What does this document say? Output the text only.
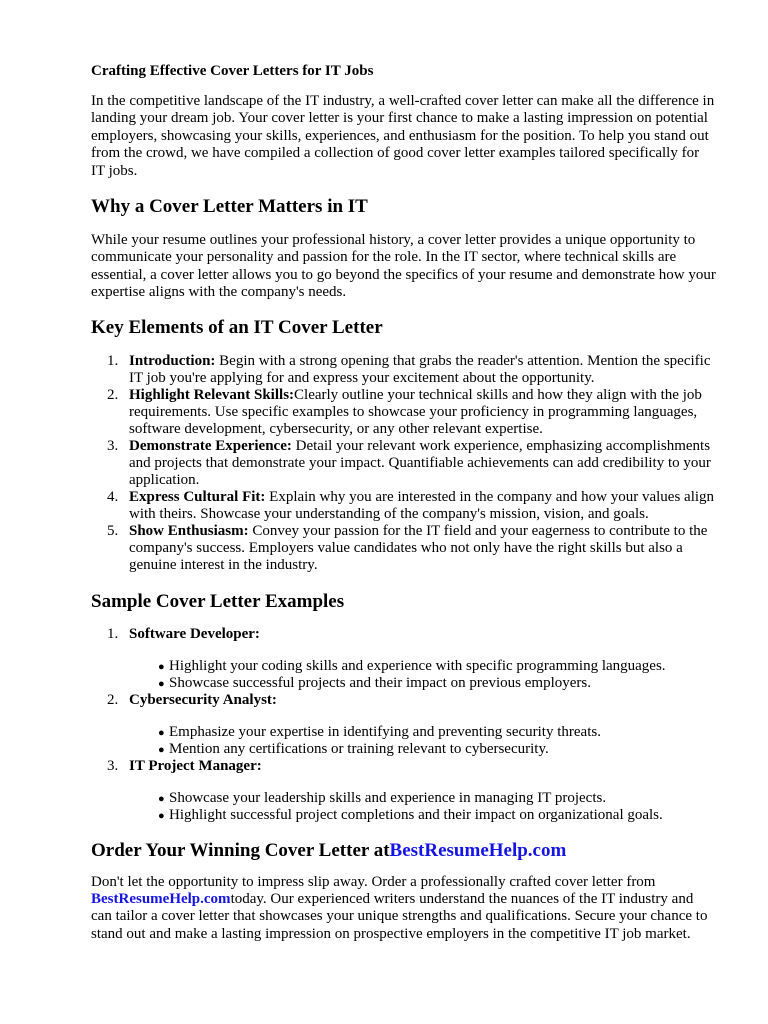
Crafting Effective Cover Letters for IT Jobs

In the competitive landscape of the IT industry, a well-crafted cover letter can make all the difference in landing your dream job. Your cover letter is your first chance to make a lasting impression on potential employers, showcasing your skills, experiences, and enthusiasm for the position. To help you stand out from the crowd, we have compiled a collection of good cover letter examples tailored specifically for IT jobs.

Why a Cover Letter Matters in IT

While your resume outlines your professional history, a cover letter provides a unique opportunity to communicate your personality and passion for the role. In the IT sector, where technical skills are essential, a cover letter allows you to go beyond the specifics of your resume and demonstrate how your expertise aligns with the company's needs.

Key Elements of an IT Cover Letter
1. Introduction: Begin with a strong opening that grabs the reader's attention. Mention the specific IT job you're applying for and express your excitement about the opportunity.
2. Highlight Relevant Skills:Clearly outline your technical skills and how they align with the job requirements. Use specific examples to showcase your proficiency in programming languages, software development, cybersecurity, or any other relevant expertise.
3. Demonstrate Experience: Detail your relevant work experience, emphasizing accomplishments and projects that demonstrate your impact. Quantifiable achievements can add credibility to your application.
4. Express Cultural Fit: Explain why you are interested in the company and how your values align with theirs. Showcase your understanding of the company's mission, vision, and goals.
5. Show Enthusiasm: Convey your passion for the IT field and your eagerness to contribute to the company's success. Employers value candidates who not only have the right skills but also a genuine interest in the industry.
Sample Cover Letter Examples
1. Software Developer:
● Highlight your coding skills and experience with specific programming languages.
● Showcase successful projects and their impact on previous employers.
2. Cybersecurity Analyst:
● Emphasize your expertise in identifying and preventing security threats.
● Mention any certifications or training relevant to cybersecurity.
3. IT Project Manager:
● Showcase your leadership skills and experience in managing IT projects.
● Highlight successful project completions and their impact on organizational goals.
Order Your Winning Cover Letter atBestResumeHelp.com

Don't let the opportunity to impress slip away. Order a professionally crafted cover letter from BestResumeHelp.comtoday. Our experienced writers understand the nuances of the IT industry and can tailor a cover letter that showcases your unique strengths and qualifications. Secure your chance to stand out and make a lasting impression on prospective employers in the competitive IT job market.
